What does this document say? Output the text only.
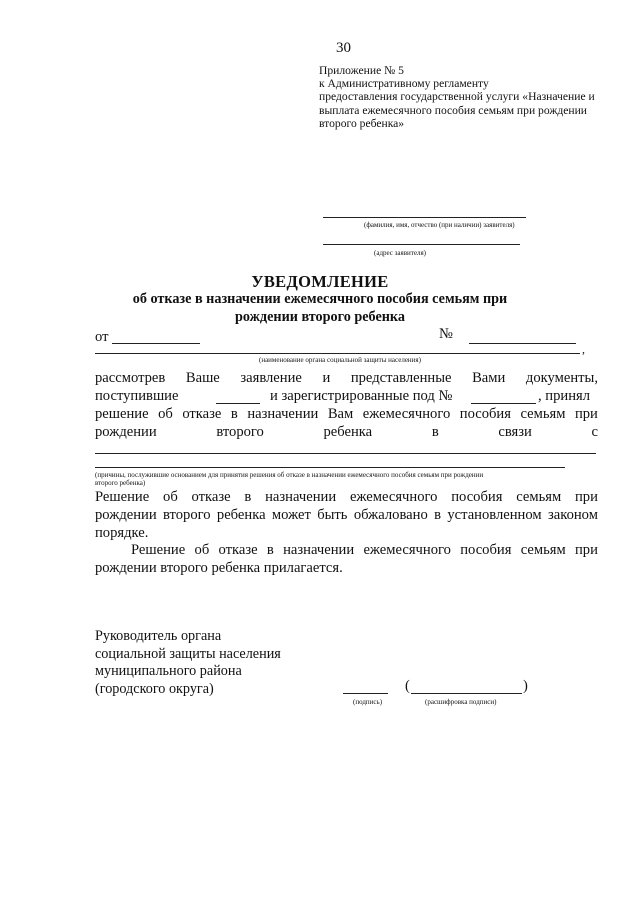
30
Приложение № 5
к Административному регламенту
предоставления государственной услуги «Назначение и
выплата ежемесячного пособия семьям при рождении
второго ребенка»
(фамилия, имя, отчество (при наличии) заявителя)
(адрес заявителя)
УВЕДОМЛЕНИЕ
об отказе в назначении ежемесячного пособия семьям при
рождении второго ребенка
от	№
,
(наименование органа социальной защиты населения)
рассмотрев Ваше заявление и представленные Вами документы,
поступившие	и зарегистрированные под №	, принял
решение об отказе в назначении Вам ежемесячного пособия семьям при
рождении	второго	ребенка	в	связи	с
(причины, послужившие основанием для принятия решения об отказе в назначении ежемесячного пособия семьям при рождении
второго ребенка)
Решение об отказе в назначении ежемесячного пособия семьям при
рождении второго ребенка может быть обжаловано в установленном законом
порядке.
Решение об отказе в назначении ежемесячного пособия семьям при
рождении второго ребенка прилагается.
Руководитель органа
социальной защиты населения
муниципального района
(городского округа)
(подпись)
(	)
(расшифровка подписи)
